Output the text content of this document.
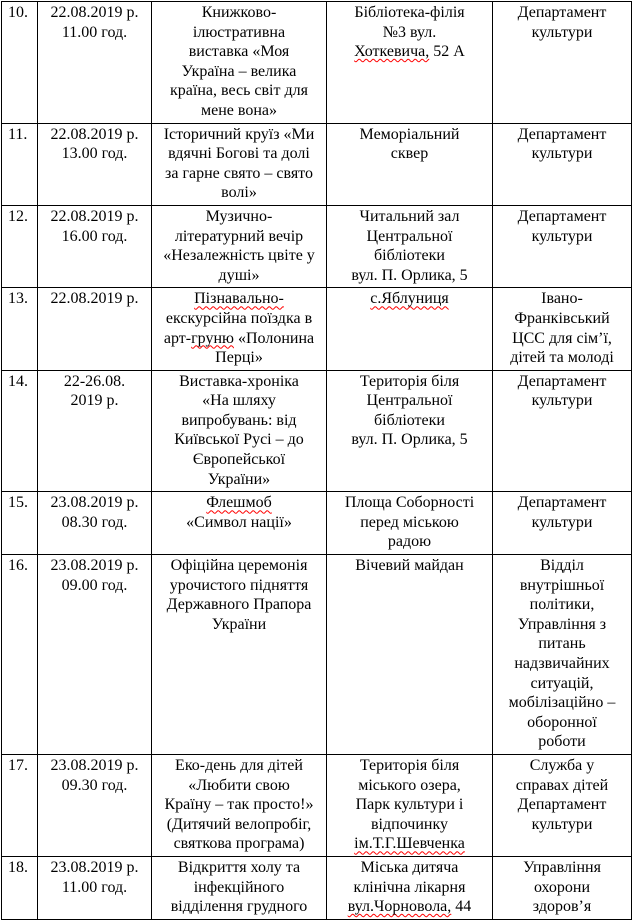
10.	22.08.2019 р.
11.00 год.	Книжково-
ілюстративна
виставка «Моя
Україна – велика
країна, весь світ для
мене вона»	Бібліотека-філія
№3 вул.
Хоткевича, 52 А	Департамент
культури
11.	22.08.2019 р.
13.00 год.	Історичний круїз «Ми
вдячні Богові та долі
за гарне свято – свято
волі»	Меморіальний
сквер	Департамент
культури
12.	22.08.2019 р.
16.00 год.	Музично-
літературний вечір
«Незалежність цвіте у
душі»	Читальний зал
Центральної
бібліотеки
вул. П. Орлика, 5	Департамент
культури
13.	22.08.2019 р.	Пізнавально-
екскурсійна поїздка в
арт-груню «Полонина
Перці»	с.Яблуниця	Івано-
Франківський
ЦСС для сім’ї,
дітей та молоді
14.	22-26.08.
2019 р.	Виставка-хроніка
«На шляху
випробувань: від
Київської Русі – до
Європейської
України»	Територія біля
Центральної
бібліотеки
вул. П. Орлика, 5	Департамент
культури
15.	23.08.2019 р.
08.30 год.	Флешмоб
«Символ нації»	Площа Соборності
перед міською
радою	Департамент
культури
16.	23.08.2019 р.
09.00 год.	Офіційна церемонія
урочистого підняття
Державного Прапора
України	Вічевий майдан	Відділ
внутрішньої
політики,
Управління з
питань
надзвичайних
ситуацій,
мобілізаційно –
оборонної
роботи
17.	23.08.2019 р.
09.30 год.	Еко-день для дітей
«Любити свою
Країну – так просто!»
(Дитячий велопробіг,
святкова програма)	Територія біля
міського озера,
Парк культури і
відпочинку
ім.Т.Г.Шевченка	Служба у
справах дітей
Департамент
культури
18.	23.08.2019 р.
11.00 год.	Відкриття холу та
інфекційного
відділення грудного	Міська дитяча
клінічна лікарня
вул.Чорновола, 44	Управління
охорони
здоров’я
